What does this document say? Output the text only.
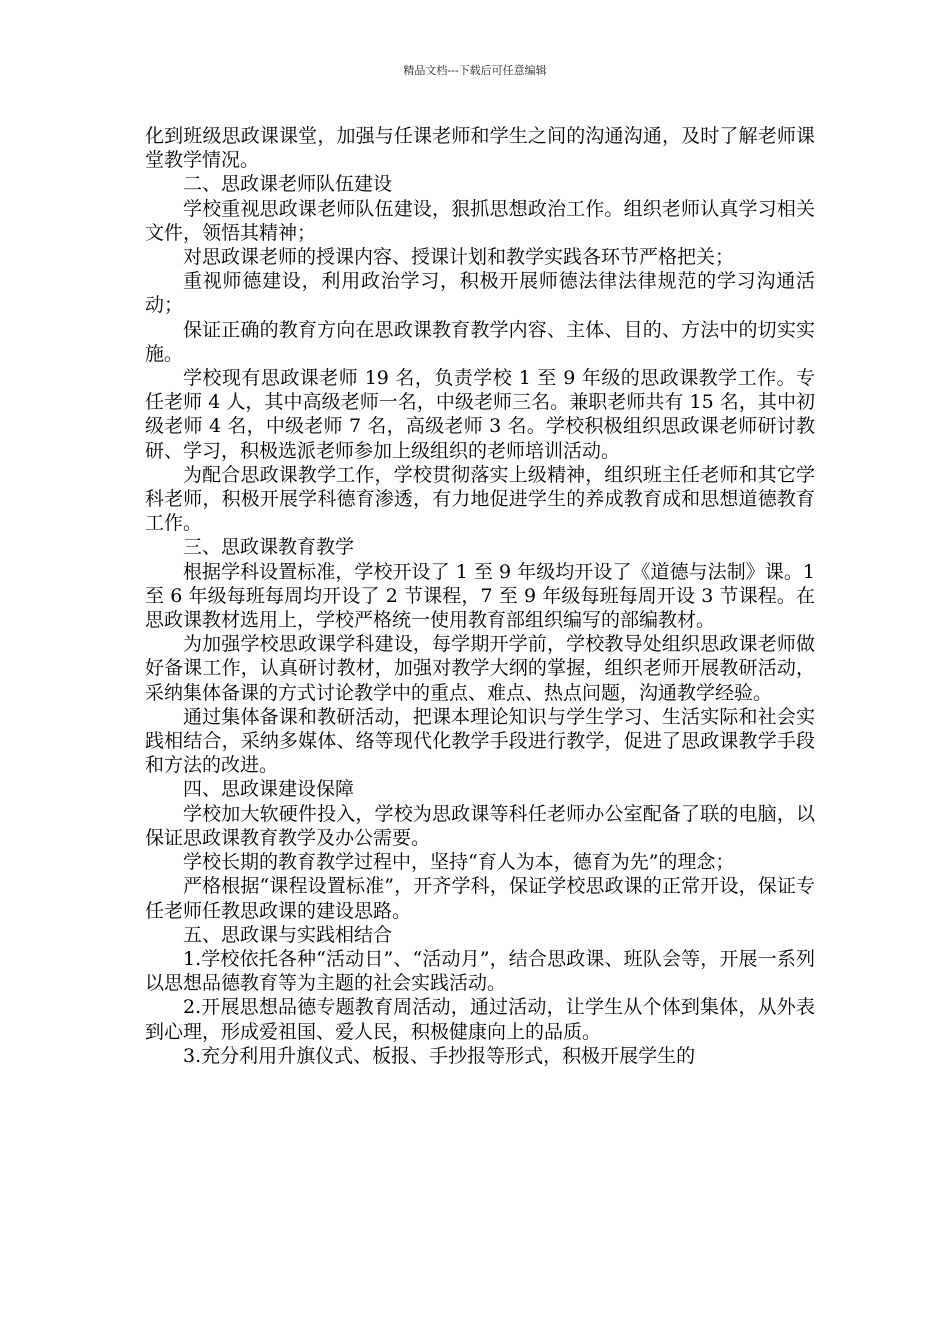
精品文档---下载后可任意编辑

化到班级思政课课堂，加强与任课老师和学生之间的沟通沟通，及时了解老师课堂教学情况。

二、思政课老师队伍建设

学校重视思政课老师队伍建设，狠抓思想政治工作。组织老师认真学习相关文件，领悟其精神；

对思政课老师的授课内容、授课计划和教学实践各环节严格把关；

重视师德建设，利用政治学习，积极开展师德法律法律规范的学习沟通活动；

保证正确的教育方向在思政课教育教学内容、主体、目的、方法中的切实实施。

学校现有思政课老师 19 名，负责学校 1 至 9 年级的思政课教学工作。专任老师 4 人，其中高级老师一名，中级老师三名。兼职老师共有 15 名，其中初级老师 4 名，中级老师 7 名，高级老师 3 名。学校积极组织思政课老师研讨教研、学习，积极选派老师参加上级组织的老师培训活动。

为配合思政课教学工作，学校贯彻落实上级精神，组织班主任老师和其它学科老师，积极开展学科德育渗透，有力地促进学生的养成教育成和思想道德教育工作。

三、思政课教育教学

根据学科设置标准，学校开设了 1 至 9 年级均开设了《道德与法制》课。1 至 6 年级每班每周均开设了 2 节课程，7 至 9 年级每班每周开设 3 节课程。在思政课教材选用上，学校严格统一使用教育部组织编写的部编教材。

为加强学校思政课学科建设，每学期开学前，学校教导处组织思政课老师做好备课工作，认真研讨教材，加强对教学大纲的掌握，组织老师开展教研活动，采纳集体备课的方式讨论教学中的重点、难点、热点问题，沟通教学经验。

通过集体备课和教研活动，把课本理论知识与学生学习、生活实际和社会实践相结合，采纳多媒体、络等现代化教学手段进行教学，促进了思政课教学手段和方法的改进。

四、思政课建设保障

学校加大软硬件投入，学校为思政课等科任老师办公室配备了联的电脑，以保证思政课教育教学及办公需要。

学校长期的教育教学过程中，坚持“育人为本，德育为先”的理念；

严格根据“课程设置标准”，开齐学科，保证学校思政课的正常开设，保证专任老师任教思政课的建设思路。

五、思政课与实践相结合

1.学校依托各种“活动日”、“活动月”，结合思政课、班队会等，开展一系列以思想品德教育等为主题的社会实践活动。

2.开展思想品德专题教育周活动，通过活动，让学生从个体到集体，从外表到心理，形成爱祖国、爱人民，积极健康向上的品质。

3.充分利用升旗仪式、板报、手抄报等形式，积极开展学生的
